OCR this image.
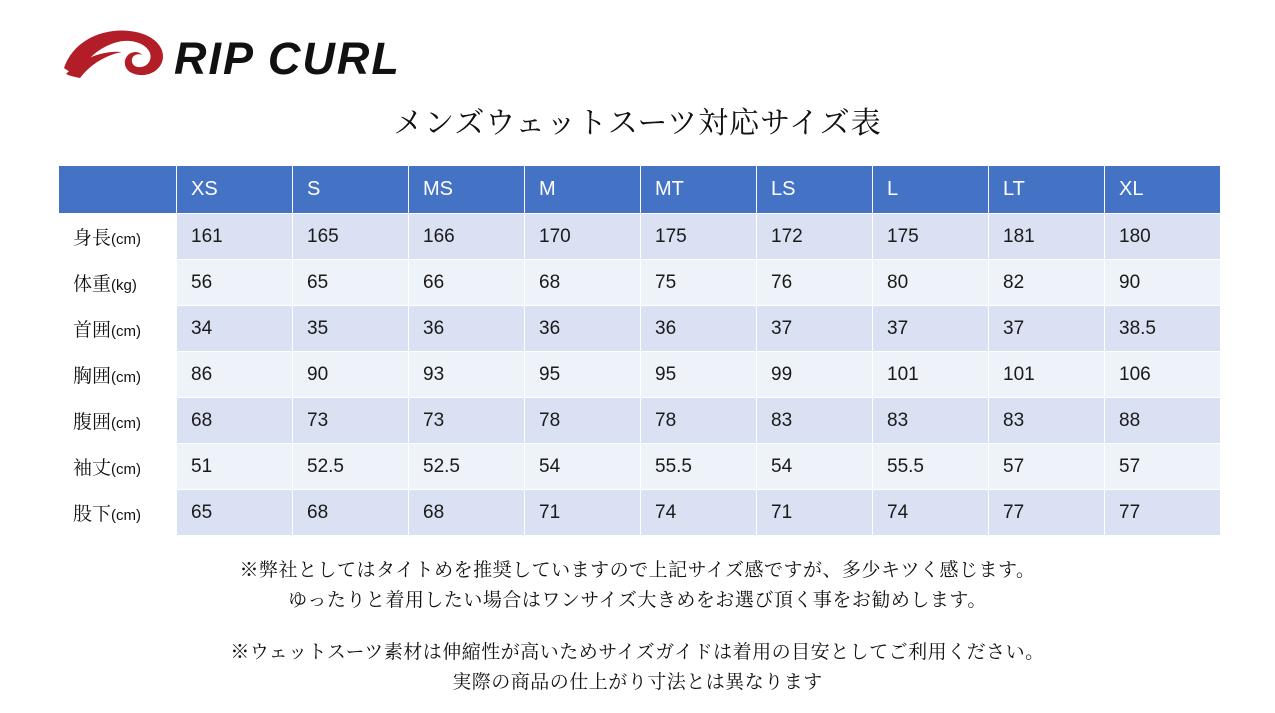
RIP CURL
メンズウェットスーツ対応サイズ表
	XS	S	MS	M	MT	LS	L	LT	XL
身長(cm)	161	165	166	170	175	172	175	181	180
体重(kg)	56	65	66	68	75	76	80	82	90
首囲(cm)	34	35	36	36	36	37	37	37	38.5
胸囲(cm)	86	90	93	95	95	99	101	101	106
腹囲(cm)	68	73	73	78	78	83	83	83	88
袖丈(cm)	51	52.5	52.5	54	55.5	54	55.5	57	57
股下(cm)	65	68	68	71	74	71	74	77	77
※弊社としてはタイトめを推奨していますので上記サイズ感ですが、多少キツく感じます。
ゆったりと着用したい場合はワンサイズ大きめをお選び頂く事をお勧めします。
※ウェットスーツ素材は伸縮性が高いためサイズガイドは着用の目安としてご利用ください。
実際の商品の仕上がり寸法とは異なります
